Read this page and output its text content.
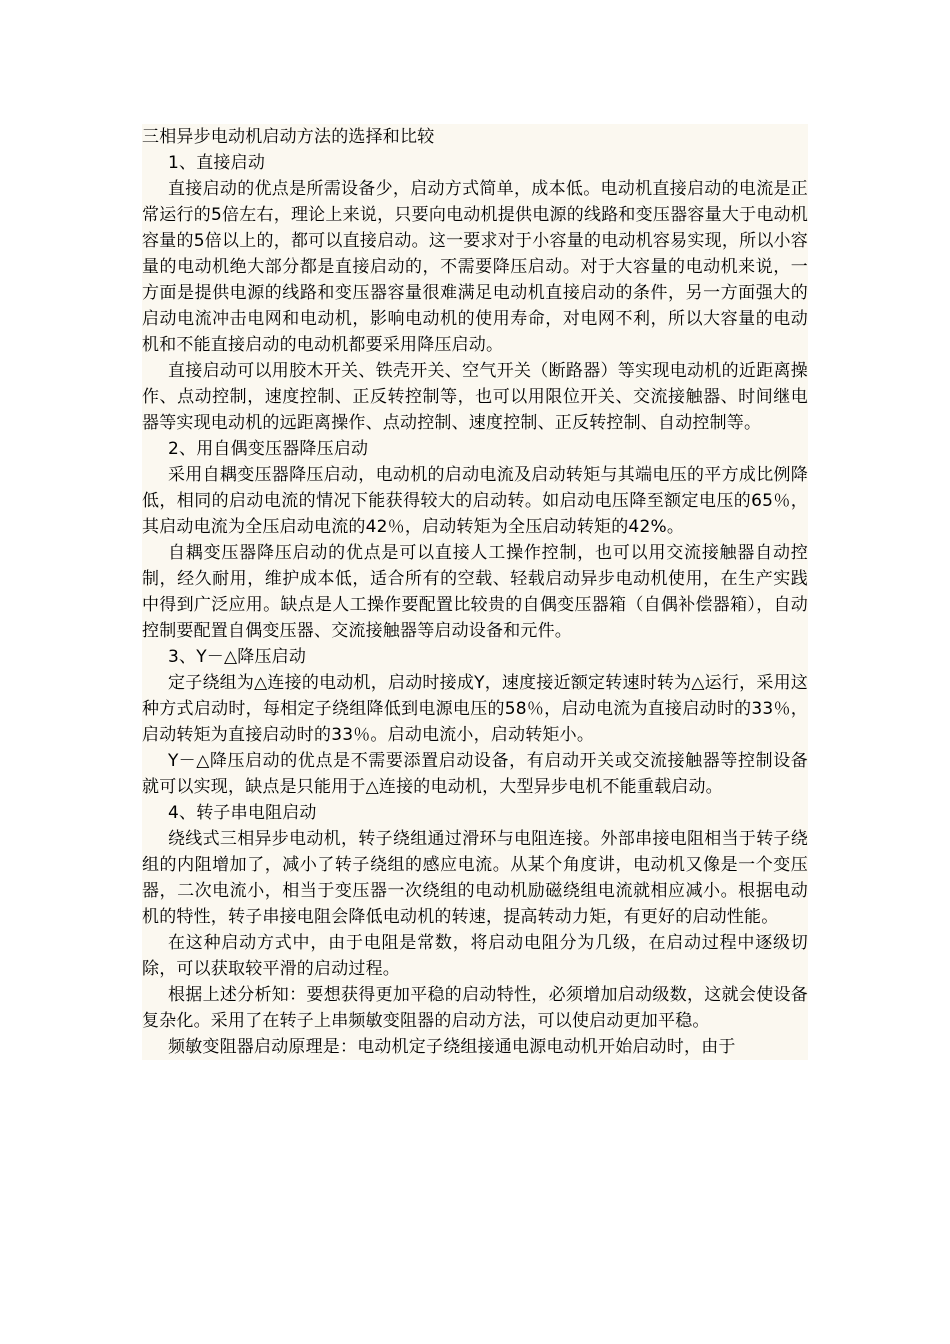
三相异步电动机启动方法的选择和比较

1、直接启动

直接启动的优点是所需设备少，启动方式简单，成本低。电动机直接启动的电流是正常运行的5倍左右，理论上来说，只要向电动机提供电源的线路和变压器容量大于电动机容量的5倍以上的，都可以直接启动。这一要求对于小容量的电动机容易实现，所以小容量的电动机绝大部分都是直接启动的，不需要降压启动。对于大容量的电动机来说，一方面是提供电源的线路和变压器容量很难满足电动机直接启动的条件，另一方面强大的启动电流冲击电网和电动机，影响电动机的使用寿命，对电网不利，所以大容量的电动机和不能直接启动的电动机都要采用降压启动。

直接启动可以用胶木开关、铁壳开关、空气开关（断路器）等实现电动机的近距离操作、点动控制，速度控制、正反转控制等，也可以用限位开关、交流接触器、时间继电器等实现电动机的远距离操作、点动控制、速度控制、正反转控制、自动控制等。

2、用自偶变压器降压启动

采用自耦变压器降压启动，电动机的启动电流及启动转矩与其端电压的平方成比例降低，相同的启动电流的情况下能获得较大的启动转。如启动电压降至额定电压的65％，其启动电流为全压启动电流的42％，启动转矩为全压启动转矩的42%。

自耦变压器降压启动的优点是可以直接人工操作控制，也可以用交流接触器自动控制，经久耐用，维护成本低，适合所有的空载、轻载启动异步电动机使用，在生产实践中得到广泛应用。缺点是人工操作要配置比较贵的自偶变压器箱（自偶补偿器箱），自动控制要配置自偶变压器、交流接触器等启动设备和元件。

3、Y－△降压启动

定子绕组为△连接的电动机，启动时接成Y，速度接近额定转速时转为△运行，采用这种方式启动时，每相定子绕组降低到电源电压的58％，启动电流为直接启动时的33％，启动转矩为直接启动时的33％。启动电流小，启动转矩小。

Y－△降压启动的优点是不需要添置启动设备，有启动开关或交流接触器等控制设备就可以实现，缺点是只能用于△连接的电动机，大型异步电机不能重载启动。

4、转子串电阻启动

绕线式三相异步电动机，转子绕组通过滑环与电阻连接。外部串接电阻相当于转子绕组的内阻增加了，减小了转子绕组的感应电流。从某个角度讲，电动机又像是一个变压器，二次电流小，相当于变压器一次绕组的电动机励磁绕组电流就相应减小。根据电动机的特性，转子串接电阻会降低电动机的转速，提高转动力矩，有更好的启动性能。

在这种启动方式中，由于电阻是常数，将启动电阻分为几级，在启动过程中逐级切除，可以获取较平滑的启动过程。

根据上述分析知：要想获得更加平稳的启动特性，必须增加启动级数，这就会使设备复杂化。采用了在转子上串频敏变阻器的启动方法，可以使启动更加平稳。

频敏变阻器启动原理是：电动机定子绕组接通电源电动机开始启动时，由于
